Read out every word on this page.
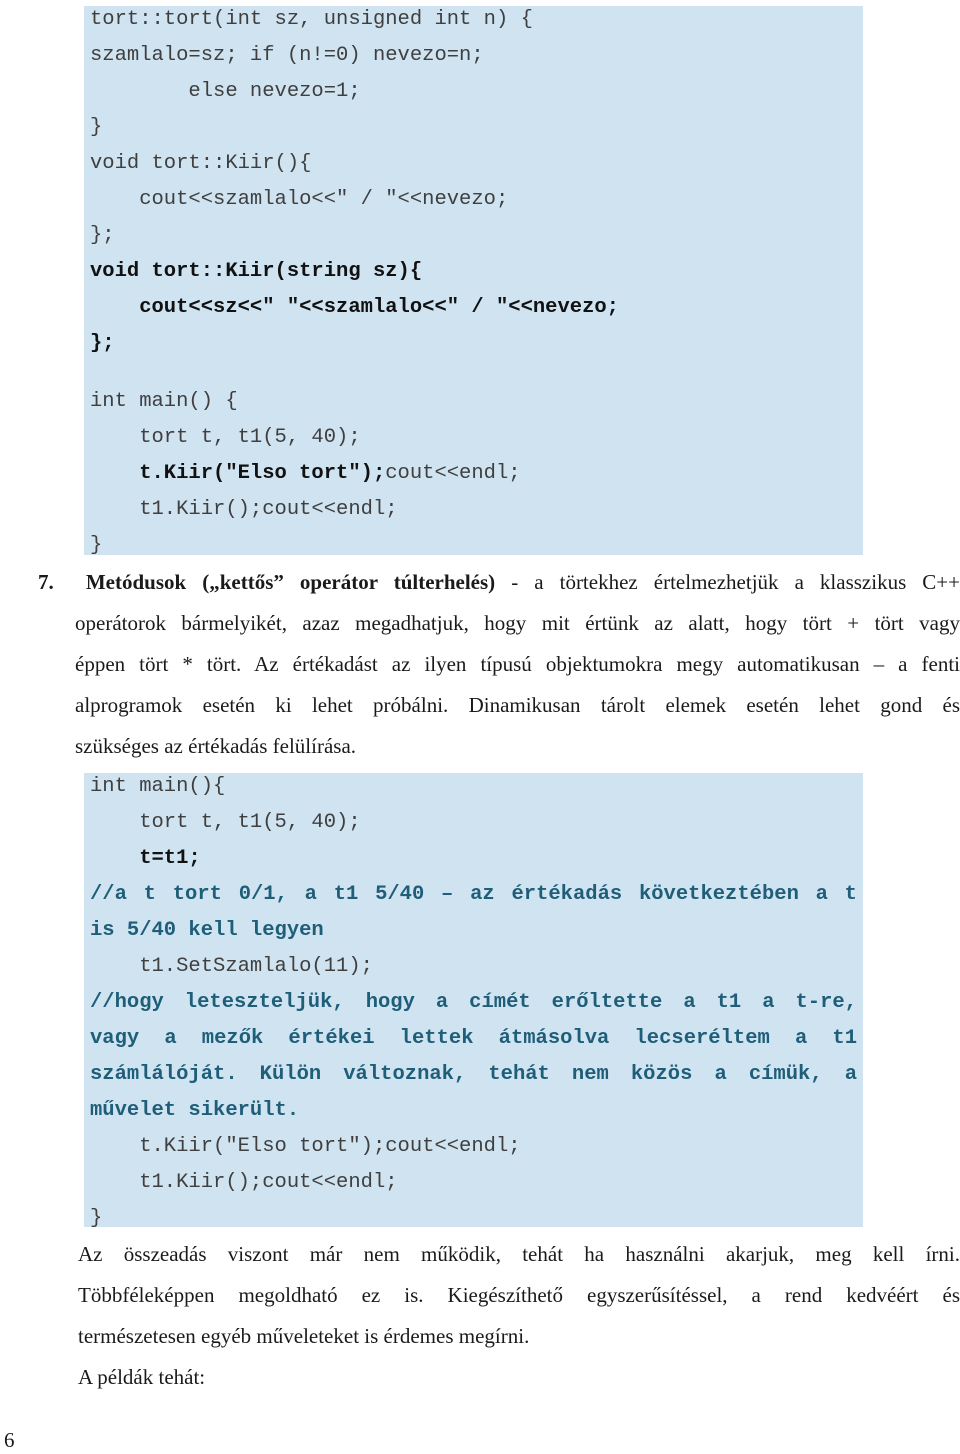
tort::tort(int sz, unsigned int n) {
szamlalo=sz; if (n!=0) nevezo=n;
else nevezo=1;
}
void tort::Kiir(){
cout<<szamlalo<<" / "<<nevezo;
};
void tort::Kiir(string sz){
cout<<sz<<" "<<szamlalo<<" / "<<nevezo;
};
int main() {
tort t, t1(5, 40);
t.Kiir("Elso tort");cout<<endl;
t1.Kiir();cout<<endl;
}
7. Metódusok („kettős” operátor túlterhelés) - a törtekhez értelmezhetjük a klasszikus C++
operátorok bármelyikét, azaz megadhatjuk, hogy mit értünk az alatt, hogy tört + tört vagy
éppen tört * tört. Az értékadást az ilyen típusú objektumokra megy automatikusan – a fenti
alprogramok esetén ki lehet próbálni. Dinamikusan tárolt elemek esetén lehet gond és
szükséges az értékadás felülírása.
int main(){
tort t, t1(5, 40);
t=t1;
//a t tort 0/1, a t1 5/40 – az értékadás következtében a t
is 5/40 kell legyen
t1.SetSzamlalo(11);
//hogy leteszteljük, hogy a címét erőltette a t1 a t-re,
vagy a mezők értékei lettek átmásolva lecseréltem a t1
számlálóját. Külön változnak, tehát nem közös a címük, a
művelet sikerült.
t.Kiir("Elso tort");cout<<endl;
t1.Kiir();cout<<endl;
}
Az összeadás viszont már nem működik, tehát ha használni akarjuk, meg kell írni.
Többféleképpen megoldható ez is. Kiegészíthető egyszerűsítéssel, a rend kedvéért és
természetesen egyéb műveleteket is érdemes megírni.
A példák tehát:
6
